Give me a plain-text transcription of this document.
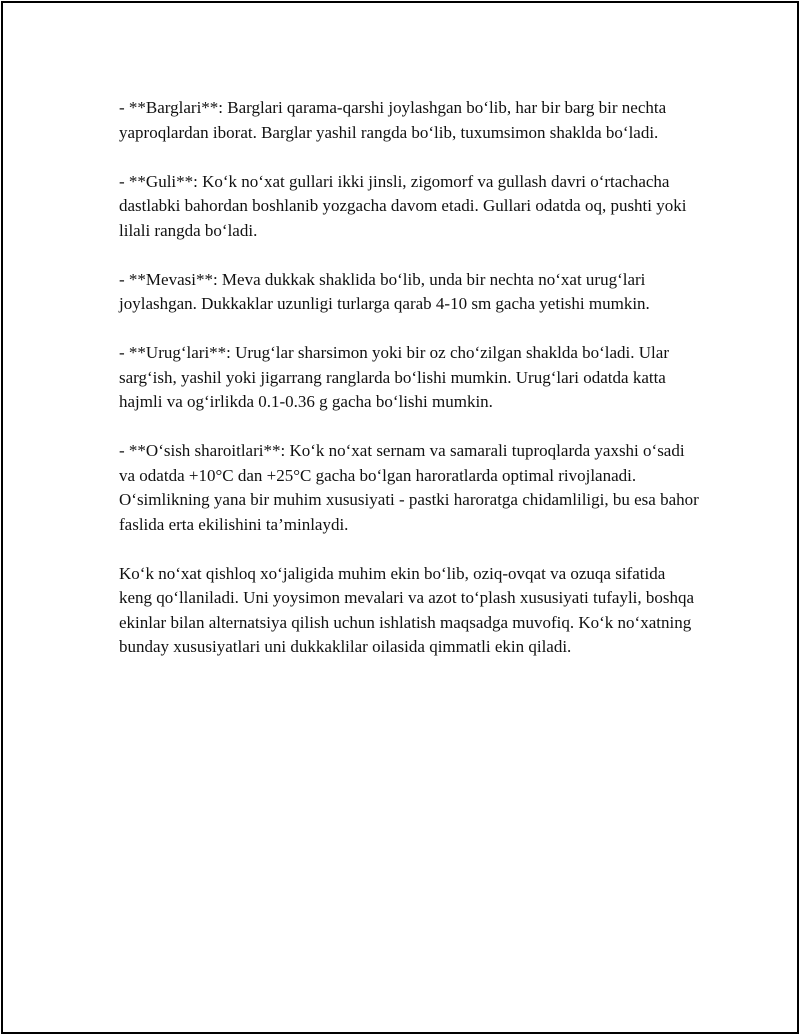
- **Barglari**: Barglari qarama-qarshi joylashgan bo‘lib, har bir barg bir nechta yaproqlardan iborat. Barglar yashil rangda bo‘lib, tuxumsimon shaklda bo‘ladi.

- **Guli**: Ko‘k no‘xat gullari ikki jinsli, zigomorf va gullash davri o‘rtachacha dastlabki bahordan boshlanib yozgacha davom etadi. Gullari odatda oq, pushti yoki lilali rangda bo‘ladi.

- **Mevasi**: Meva dukkak shaklida bo‘lib, unda bir nechta no‘xat urug‘lari joylashgan. Dukkaklar uzunligi turlarga qarab 4-10 sm gacha yetishi mumkin.

- **Urug‘lari**: Urug‘lar sharsimon yoki bir oz cho‘zilgan shaklda bo‘ladi. Ular sarg‘ish, yashil yoki jigarrang ranglarda bo‘lishi mumkin. Urug‘lari odatda katta hajmli va og‘irlikda 0.1-0.36 g gacha bo‘lishi mumkin.

- **O‘sish sharoitlari**: Ko‘k no‘xat sernam va samarali tuproqlarda yaxshi o‘sadi va odatda +10°C dan +25°C gacha bo‘lgan haroratlarda optimal rivojlanadi. O‘simlikning yana bir muhim xususiyati - pastki haroratga chidamliligi, bu esa bahor faslida erta ekilishini ta’minlaydi.

Ko‘k no‘xat qishloq xo‘jaligida muhim ekin bo‘lib, oziq-ovqat va ozuqa sifatida keng qo‘llaniladi. Uni yoysimon mevalari va azot to‘plash xususiyati tufayli, boshqa ekinlar bilan alternatsiya qilish uchun ishlatish maqsadga muvofiq. Ko‘k no‘xatning bunday xususiyatlari uni dukkaklilar oilasida qimmatli ekin qiladi.
